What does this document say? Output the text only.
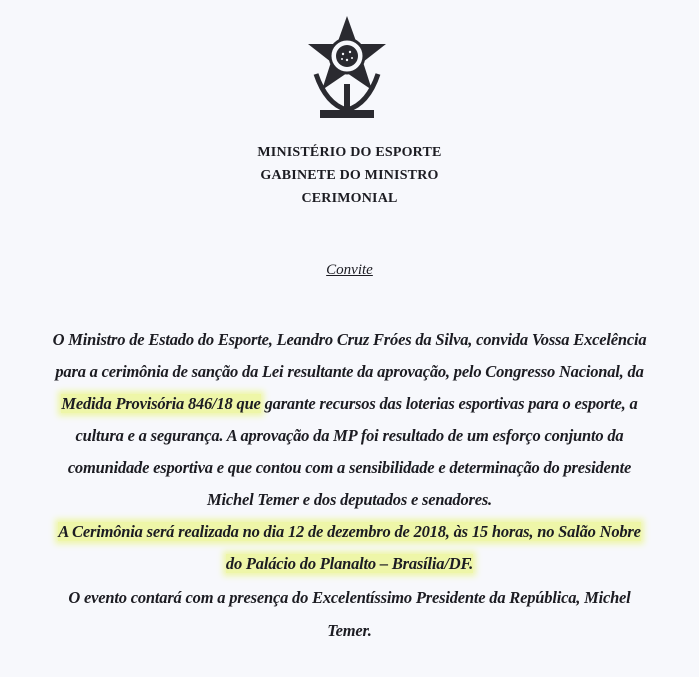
MINISTÉRIO DO ESPORTE
GABINETE DO MINISTRO
CERIMONIAL
Convite
O Ministro de Estado do Esporte, Leandro Cruz Fróes da Silva, convida Vossa Excelência
para a cerimônia de sanção da Lei resultante da aprovação, pelo Congresso Nacional, da
Medida Provisória 846/18 que garante recursos das loterias esportivas para o esporte, a
cultura e a segurança. A aprovação da MP foi resultado de um esforço conjunto da
comunidade esportiva e que contou com a sensibilidade e determinação do presidente
Michel Temer e dos deputados e senadores.
A Cerimônia será realizada no dia 12 de dezembro de 2018, às 15 horas, no Salão Nobre
do Palácio do Planalto – Brasília/DF.
O evento contará com a presença do Excelentíssimo Presidente da República, Michel
Temer.
